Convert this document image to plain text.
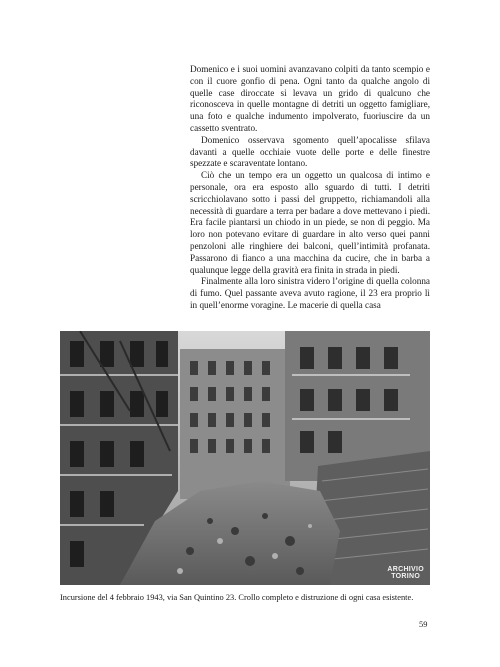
Domenico e i suoi uomini avanzavano colpiti da tanto scempio e con il cuore gonfio di pena. Ogni tanto da qualche angolo di quelle case diroccate si levava un grido di qualcuno che riconosceva in quelle montagne di detriti un oggetto famigliare, una foto e qualche indumento impolverato, fuoriuscire da un cassetto sventrato.

Domenico osservava sgomento quell’apocalisse sfilava davanti a quelle occhiaie vuote delle porte e delle finestre spezzate e scaraventate lontano.

Ciò che un tempo era un oggetto un qualcosa di intimo e personale, ora era esposto allo sguardo di tutti. I detriti scricchiolavano sotto i passi del gruppetto, richiamandoli alla necessità di guardare a terra per badare a dove mettevano i piedi. Era facile piantarsi un chiodo in un piede, se non di peggio. Ma loro non potevano evitare di guardare in alto verso quei panni penzoloni alle ringhiere dei balconi, quell’intimità profanata. Passarono di fianco a una macchina da cucire, che in barba a qualunque legge della gravità era finita in strada in piedi.

Finalmente alla loro sinistra videro l’origine di quella colonna di fumo. Quel passante aveva avuto ragione, il 23 era proprio lì in quell’enorme voragine. Le macerie di quella casa

ARCHIVIO
TORINO

Incursione del 4 febbraio 1943, via San Quintino 23. Crollo completo e distruzione di ogni casa esistente.

59
